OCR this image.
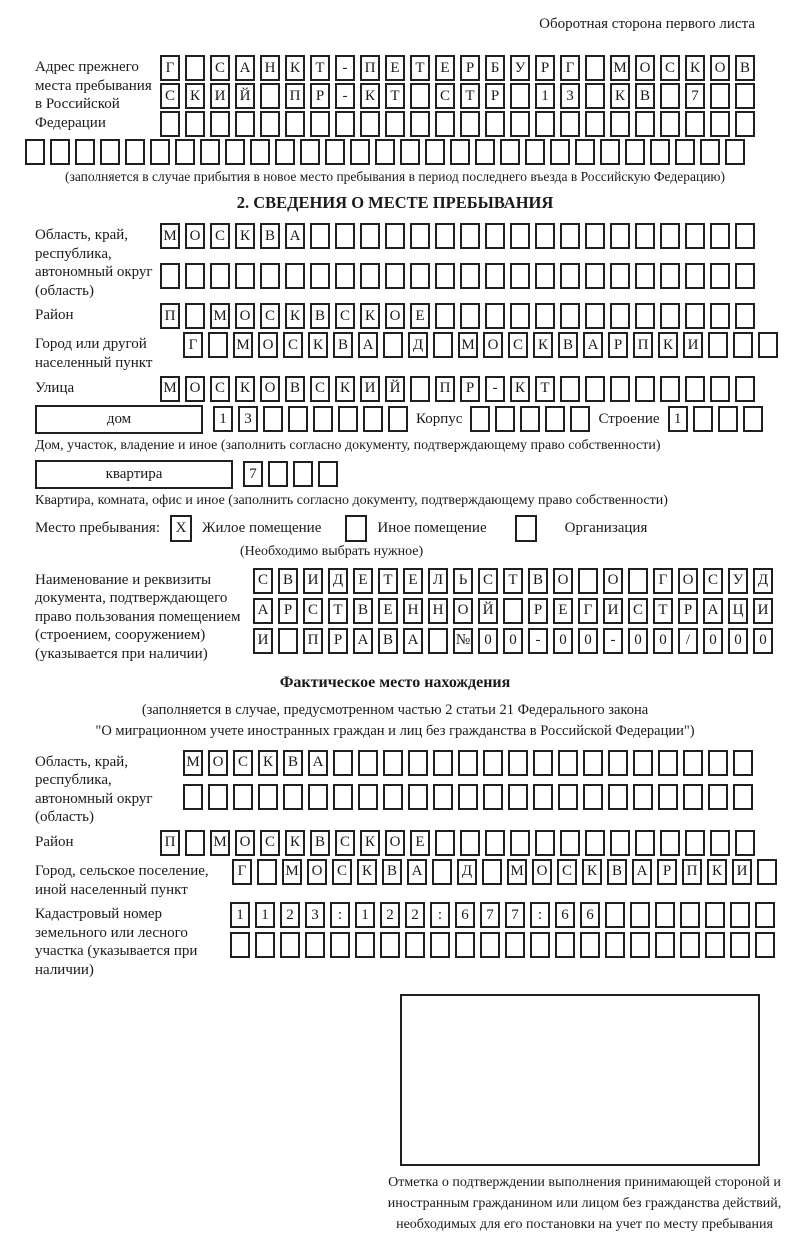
Оборотная сторона первого листа
Адрес прежнего места пребывания в Российской Федерации
Г	С А Н К	Т	-	П Е	Т	Е	Р	Б	У	Р	Г	М О С К О В
С К И Й	П	Р	-	К	Т	С	Т	Р	1	3	К В	7
(заполняется в случае прибытия в новое место пребывания в период последнего въезда в Российскую Федерацию)
2. СВЕДЕНИЯ О МЕСТЕ ПРЕБЫВАНИЯ
Область, край, республика, автономный округ (область)
М О С К В А
Район	П	М О С К В С К О Е
Город или другой населенный пункт
Г	М О С К В А	Д	М О С К В А	Р	П К И
Улица	М О С К О В С К И Й	П	Р	-	К	Т
дом	1	3	Корпус	Строение 1
Дом, участок, владение и иное (заполнить согласно документу, подтверждающему право собственности)
квартира	7
Квартира, комната, офис и иное (заполнить согласно документу, подтверждающему право собственности)
Место пребывания:	X	Жилое помещение	Иное помещение	Организация
(Необходимо выбрать нужное)
Наименование и реквизиты документа, подтверждающего право пользования помещением (строением, сооружением) (указывается при наличии)
С В И Д	Е	Т	Е	Л	Ь	С	Т	В О	О	Г	О С У Д
А	Р	С	Т	В	Е	Н Н О Й	Р	Е	Г	И С	Т	Р	А Ц И
И	П	Р	А В А	№ 0	0	-	0	0	-	0	0	/	0	0	0
Фактическое место нахождения
(заполняется в случае, предусмотренном частью 2 статьи 21 Федерального закона
"О миграционном учете иностранных граждан и лиц без гражданства в Российской Федерации")
Область, край, республика, автономный округ (область)
М О С К В А
Район	П	М О С К В С К О Е
Город, сельское поселение, иной населенный пункт
Г	М О С К В А	Д	М О С К В А	Р	П К И
Кадастровый номер земельного или лесного участка (указывается при наличии)
1	1	2	3	:	1	2	2	:	6	7	7	:	6	6
Отметка о подтверждении выполнения принимающей стороной и иностранным гражданином или лицом без гражданства действий, необходимых для его постановки на учет по месту пребывания
